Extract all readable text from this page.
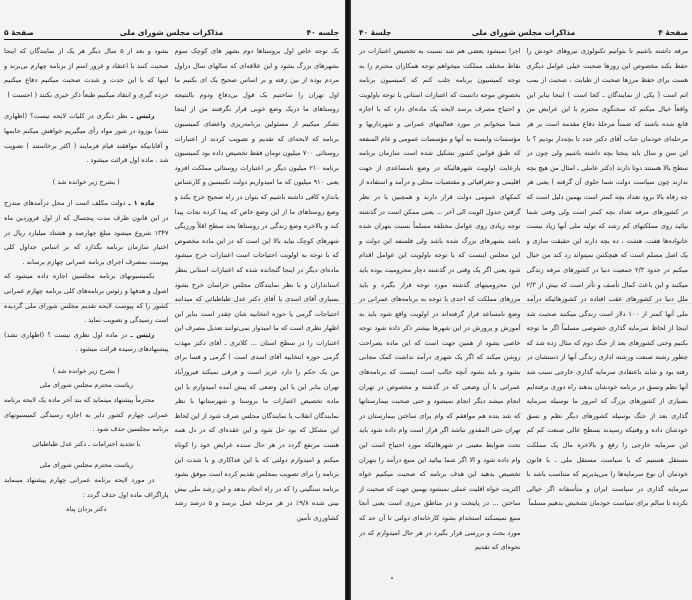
جلسه ۴۰
مذاکرات مجلس شورای ملی
صفحهٔ ۵

یک توجه خاص اول بروستاها دوم بشهر های کوچک سوم بشهرهای بزرگ بشود و این علاقه‌ای که سالهای سال دراول مردم بوده از بین رفته و بر اساس صحیح یک ای بکنیم ما اول تهران را ساختیم بک قول بی‌دفاع ودوم بالنتیجه روستاهای ما دریک وضع خوبی قرار نگرفتند من از اینجا تشکر میکنیم از مسئولین برنامه‌ریزی واعضای کمیسیون برنامه که لایحه‌ای که تقدیم و تصویب کردند از اعتبارات روستائی ۷۰۰ میلیون تومان فقط تخصیص داده بود کمیسیون برنامه ۲۱۰ میلیون دیگر بر اعتبارات روستائی مملکت افزود یعنی ۹۱۰ میلیون که ما امیدواریم دولت تکنیسین و کارشناس باندازه کافی داشته باشیم که بتوان در راه صحیح خرج بکند و وضع روستاهای ما از این وضع خاص که پیدا کرده نجات پیدا کند و بالاخره وضع زندگی در روستاها بحد سطح اقلاً ورزیگی شهرهای کوچک بیاید بالا این است که در این ماده مخصوص که با توجه به اولویت احتیاجات است اعتبارات خرج میشود ماده‌ای دیگر در اینجا گنجانده شده که اعتبارات استانی بنظر استانداران و با نظر نمایندگان مجلس خراسان خرج بشود بسیاری آقای اسدی یا آقای دکتر عدل طباطبائی که میدانند احتیاجات گرمی یا حوزه انتخابیه شان چقدر است بنابر این اظهار نظری است که ما امیدوار نمی‌توانند تعدیل مصرف این اعتبارات را در سطح استان ... کلاتری ـ آقای دکتر مهذب گرمی حوزه انتخابیه آقای اسدی است ) گرمی و فسا برای من یک حکم را دارد عزیز است و فرقی نمیکند فیروزآباد تهران بنابر این با این وضعی که پیش آمده امیدوارم با این ماده تخصیص اعتبارات ما بروستا و شهرستانها با نظر نمایندگان انقلاب یا نمایندگان مجلس صرف شود از این لحاظ این مشکل که بود حل شود و این عقده‌ای که در دل همه هست مرتفع گردد در هر حال سنده عرایض خود را کوتاه میکنم و امیدوارم دولتی که با این فداکاری و با شدت این برنامه را برای تصویب بمجلس تقدیم کرده است موفق بشود برنامه سنگینی را که در راه انجام بدهد و این رشد ملی بیش بینی شده ۹/۸٪ در هر مرحله عمل برسد و ۵ درصد رشد کشاورزی تأمین

بشود و بعد از ۵ سال دیگر هر یک از نمایندگان که اینجا صحبت کنند با اعتقاد و غرور اسم از برنامه چهارم بی‌برند و اینها که با این حدت و شدت صحبت میکنیم دفاع میکنیم خرده گیری و انتقاد میکنیم طبعاً ذکر خیری بکنند ( احسنت )

رئیس ـ نظر دیگری در کلیات لایحه نیست؟ (اظهاری نشد) بورود در شور مواد رأی میگیریم خواهش میکنم خانمها و آقایانیکه موافقند قیام فرمایند ( اکثر برخاستند ) تصویب شد . ماده اول قرائت میشود .

( بشرح زیر خوانده شد )

ماده ۱ ـ دولت مکلف است از محل درآمدهای مندرج در این قانون ظرف مدت پنجسال که از اول فروردین ماه ۱۳۴۷ شروع میشود مبلغ چهارصد و هشتاد میلیارد ریال در اختیار سازمان برنامه بگذارد که بر اساس جداول کلی پیوست بمصرف اجرای برنامه عمرانی چهارم برساند .

بکمیسیونهای برنامه مجلسین اجازه داده میشود که اصول و هدفها و رئوس برنامه‌های کلی برنامه چهارم عمرانی کشور را که پیوست لایحه تقدیم مجلس شورای ملی گردیده است رسیدگی و تصویب نماید .

رئیس ـ در ماده اول نظری نیست ؟ (اظهاری نشد) پیشنهادهای رسیده قرائت میشود .

( بشرح زیر خوانده شد )

ریاست محترم مجلس شورای ملی

محترماً پیشنهاد مینماید که بند آخر ماده یک لایحه برنامه عمرانی چهارم کشور دایر به اجازه رسیدگی کمیسیونهای برنامه مجلسین حذف شود .

با تجدید احترامات ـ دکتر عدل طباطبائی

ریاست محترم مجلس شورای ملی

در مورد لایحه برنامه عمرانی چهارم پیشنهاد مینماید پاراگراف ماده اول حذف گردد :

دکتر یزدان پناه

صفحهٔ ۴
مذاکرات مجلس شورای ملی
جلسهٔ ۴۰

مرفه داشته باشیم تا بتوانیم تکنولوژی نیروهای خودش را حفظ بکند مخصوص این روزها صحبت خیلی عوامل دیگری هست برای حفظ مرزها صحبت از طبابت ، صحبت از بمب اتم است ( یکی از نمایندگان ـ کجا است ) اینجا بنابر این واقعاً خیال میکنم که سخنگوی محترم با این عرایض من قانع شده باشند که ضمناً مرحلهٔ دفاع مقدمه است بر هر مرحله‌ای خودمان جناب آقای دکتر جدد تا بچه‌دار بودیم ؟ با این سن و سال باید پنجتا بچه داشته باشیم ولی چون در سطح بالا هستند دوتا دارند (دکتر عاملی ـ امثال من هیچ بچه ندارند چون سیاست دولت شما جلوی آن گرفته ) یعنی هر چه رفاه بالا برود تعداد بچه کمتر است بهمین دلیل است که در کشورهای مرفه تعداد بچه کمتر است ولی وقتی شما بیائید روی مملکتهای کم رشد که تولید ملی آنها زیاد نیست خانواده‌ها هفت، هشت ، ده بچه دارند این حقیقت سازی و یک اصل مسلم است که هیچکس نمیتواند رد کند من خیال میکنم در حدود ۲/۳ جمعیت دنیا در کشورهای مرفه زندگی میکنند و این باعث کمال تأسف و تأثر است که بیش از ۲/۳ ملل دنیا در کشورهای عقب افتاده در کشورهائیکه درآمد ملی آنها کمتر از ۱۰۰ دلار است زندگی میکنند صحبت شد اینجا از لحاظ سرمایه گذاری خصوصی مسلماً اگر ما توجه بکنیم وحتی کشورهای بعد از جنگ دوم که مثال زده شد که چطور رشته صنعت ورشته اداری زندگی آنها از دستشان در رفته بود و شاید باعتقادی سرمایه گذاری خارجی سبب شد آنها نظم ونسق در برنامه خودشان بدهند راه دوری برفته‌ایم بسیاری از کشورهای بزرگ که امروز ما بوسیله سرمایه گذاری بعد از جنگ بوسیله کشورهای دیگر نظم و نسق خودشان داده و وقتیکه رسیدند بسطح عالی صنعت کم کم این سرمایه خارجی را رفع و بالاخره مال یک مملکت مستقل هستیم که با سیاست مستقل ملی ، با قانون خودمان آن نوع سرمایه‌ها را می‌پذیریم که متناسب باشد با سرمایه گذاری در سیاست ایران و متأسفانه اگر خیالی نکرده تا سالم برای سیاست خودمان تشخیص بدهیم مسلماً

اجرا نمیشود بعضی هم شد نسبت به تخصیص اعتبارات در نقاط مختلف مملکت میخواهم توجه همکاران محترم را به توجه کمیسیون برنامه جلب کنم که کمیسیون برنامه بخصوص موجه دانست که اعتبارات استانی با توجه باولویت و احتیاج مصرف برسد لایحه یک ماده‌ای دارد که با اجازه شما میخوانم در مورد فعالیتهای عمرانی و شهرداریها و مؤسسات وابسته به آنها و مؤسسات عمومی و عام المنفعه که طبق قوانین کشور تشکیل شده است سازمان برنامه بارعایت اولویت شهرهائیکه در وضع نامساعدی از جهت اقلیمی و جغرافیائی و مقتضیات محلی و درآمد و استفاده از کمکهای عمومی دولت قرار دارند و همچنین با در نظر گرفتن جدول الویت الی آخر ... یعنی ممکن است در گذشته توجه زیادی روی عوامل مختلفه مسلماً نسبت بتهران شده باشد بشهرهای بزرگ شده باشد ولی فلسفه این دولت و این مجلس اینست که با توجه باولویت این عوامل اقدام شود یعنی اگر یک وقتی در گذشته دچار محرومیت بوده باید این محرومیتهای گذشته مورد توجه قرار بگیرد و باید مرزهای مملکت که احدی با توجه به برنامه‌های عمرانی در وضع نامساعد قرار گرفته‌اند در اولویت واقع شود باید به آموزش و پرورش در این شهرها بیشتر ذکر داده شود توجه خاصی بشود از همین جهت است که این ماده بصراحت روشن میکند که اگر یک شهری درآمد نداشت کمک مجانی بشود و باید بشود آنچه جالب است اینست که برنامه‌های عمرانی با آن وضعی که در گذشته و مخصوص در تهران انجام میشد دیگر انجام نمیشود و حتی صحبت بیمارستانها که شد بنده هم موافقم که وام برای ساختن بیمارستان در تهران حتی المقدور نباشد اگر قرار است وام داده شود باید تحت ضوابط معینی در شهرهائیکه مورد احتیاج است این وام داده شود و الا اگر شما بیائید این منبع درآمد را بتهران تخصیص بدهید این هدف برنامه که صحبت میکنیم خواه اکثریت خواه اقلیت عملی نمیشود بهمین جهت که صحبت از ساختن ... در پایتخت و در مناطق مرزی است یعنی آنجا منبع نمیسکند استخدام بشود کارخانه‌ای دولتی تا آن حد که مورد بحث و بررسی قرار بگیرد در هر حال امیدوارم که در نحوه‌ای که تقدیم
